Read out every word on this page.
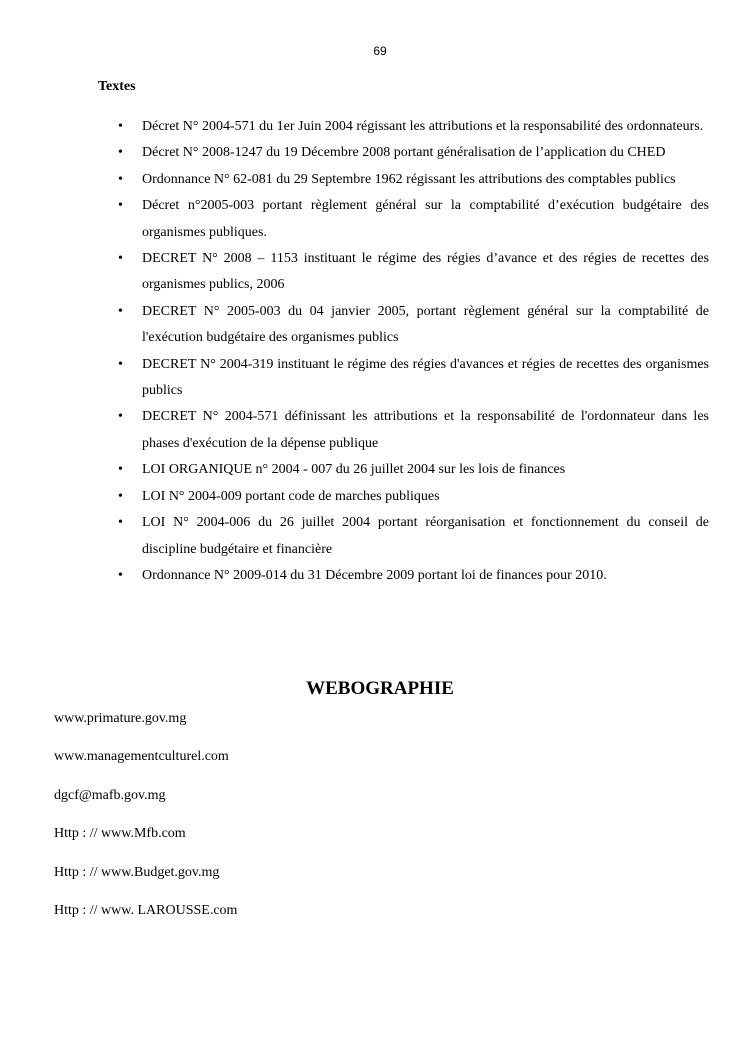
69
Textes
• Décret N° 2004-571 du 1er Juin 2004 régissant les attributions et la responsabilité des ordonnateurs.
• Décret N° 2008-1247 du 19 Décembre 2008 portant généralisation de l’application du CHED
• Ordonnance N° 62-081 du 29 Septembre 1962 régissant les attributions des comptables publics
• Décret n°2005-003 portant règlement général sur la comptabilité d’exécution budgétaire des organismes publiques.
• DECRET N° 2008 – 1153 instituant le régime des régies d’avance et des régies de recettes des organismes publics, 2006
• DECRET N° 2005-003 du 04 janvier 2005, portant règlement général sur la comptabilité de l'exécution budgétaire des organismes publics
• DECRET N° 2004-319 instituant le régime des régies d'avances et régies de recettes des organismes publics
• DECRET N° 2004-571 définissant les attributions et la responsabilité de l'ordonnateur dans les phases d'exécution de la dépense publique
• LOI ORGANIQUE n° 2004 - 007 du 26 juillet 2004 sur les lois de finances
• LOI N° 2004-009 portant code de marches publiques
• LOI N° 2004-006 du 26 juillet 2004 portant réorganisation et fonctionnement du conseil de discipline budgétaire et financière
• Ordonnance N° 2009-014 du 31 Décembre 2009 portant loi de finances pour 2010.
WEBOGRAPHIE
www.primature.gov.mg
www.managementculturel.com
dgcf@mafb.gov.mg
Http : // www.Mfb.com
Http : // www.Budget.gov.mg
Http : // www. LAROUSSE.com
